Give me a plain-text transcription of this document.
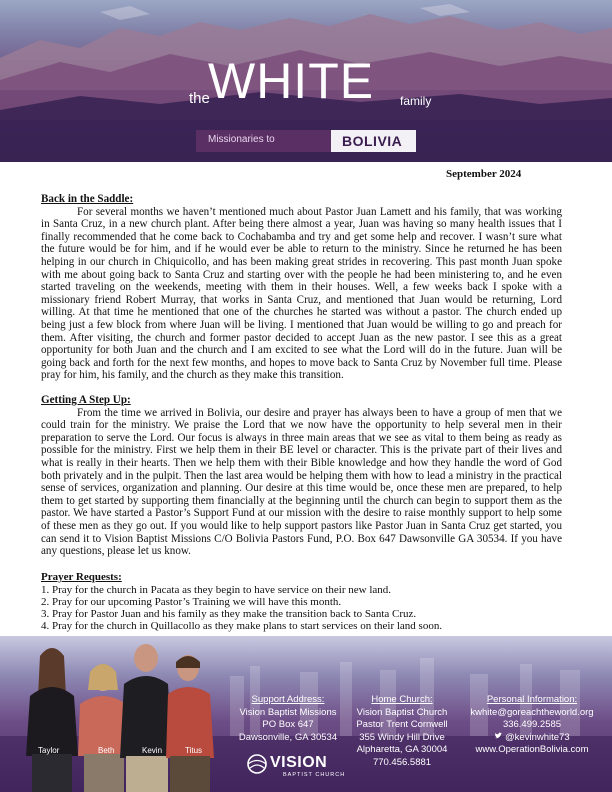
the
WHITE family
Missionaries to	BOLIVIA
September 2024
Back in the Saddle:

For several months we haven’t mentioned much about Pastor Juan Lamett and his family, that was working in Santa Cruz, in a new church plant. After being there almost a year, Juan was having so many health issues that I finally recommended that he come back to Cochabamba and try and get some help and recover. I wasn’t sure what the future would be for him, and if he would ever be able to return to the ministry. Since he returned he has been helping in our church in Chiquicollo, and has been making great strides in recovering. This past month Juan spoke with me about going back to Santa Cruz and starting over with the people he had been ministering to, and he even started traveling on the weekends, meeting with them in their houses. Well, a few weeks back I spoke with a missionary friend Robert Murray, that works in Santa Cruz, and mentioned that Juan would be returning, Lord willing. At that time he mentioned that one of the churches he started was without a pastor. The church ended up being just a few block from where Juan will be living. I mentioned that Juan would be willing to go and preach for them. After visiting, the church and former pastor decided to accept Juan as the new pastor. I see this as a great opportunity for both Juan and the church and I am excited to see what the Lord will do in the future. Juan will be going back and forth for the next few months, and hopes to move back to Santa Cruz by November full time. Please pray for him, his family, and the church as they make this transition.

Getting A Step Up:

From the time we arrived in Bolivia, our desire and prayer has always been to have a group of men that we could train for the ministry. We praise the Lord that we now have the opportunity to help several men in their preparation to serve the Lord. Our focus is always in three main areas that we see as vital to them being as ready as possible for the ministry. First we help them in their BE level or character. This is the private part of their lives and what is really in their hearts. Then we help them with their Bible knowledge and how they handle the word of God both privately and in the pulpit. Then the last area would be helping them with how to lead a ministry in the practical sense of services, organization and planning. Our desire at this time would be, once these men are prepared, to help them to get started by supporting them financially at the beginning until the church can begin to support them as the pastor. We have started a Pastor’s Support Fund at our mission with the desire to raise monthly support to help some of these men as they go out. If you would like to help support pastors like Pastor Juan in Santa Cruz get started, you can send it to Vision Baptist Missions C/O Bolivia Pastors Fund, P.O. Box 647 Dawsonville GA 30534. If you have any questions, please let us know.

Prayer Requests:
1. Pray for the church in Pacata as they begin to have service on their new land.
2. Pray for our upcoming Pastor’s Training we will have this month.
3. Pray for Pastor Juan and his family as they make the transition back to Santa Cruz.
4. Pray for the church in Quillacollo as they make plans to start services on their land soon.
Taylor	Beth	Kevin	Titus
Support Address:
Vision Baptist Missions
PO Box 647
Dawsonville, GA 30534
Home Church:
Vision Baptist Church
Pastor Trent Cornwell
355 Windy Hill Drive
Alpharetta, GA 30004
770.456.5881
Personal Information:
kwhite@goreachtheworld.org
336.499.2585
@kevinwhite73
www.OperationBolivia.com
VISION
BAPTIST CHURCH
